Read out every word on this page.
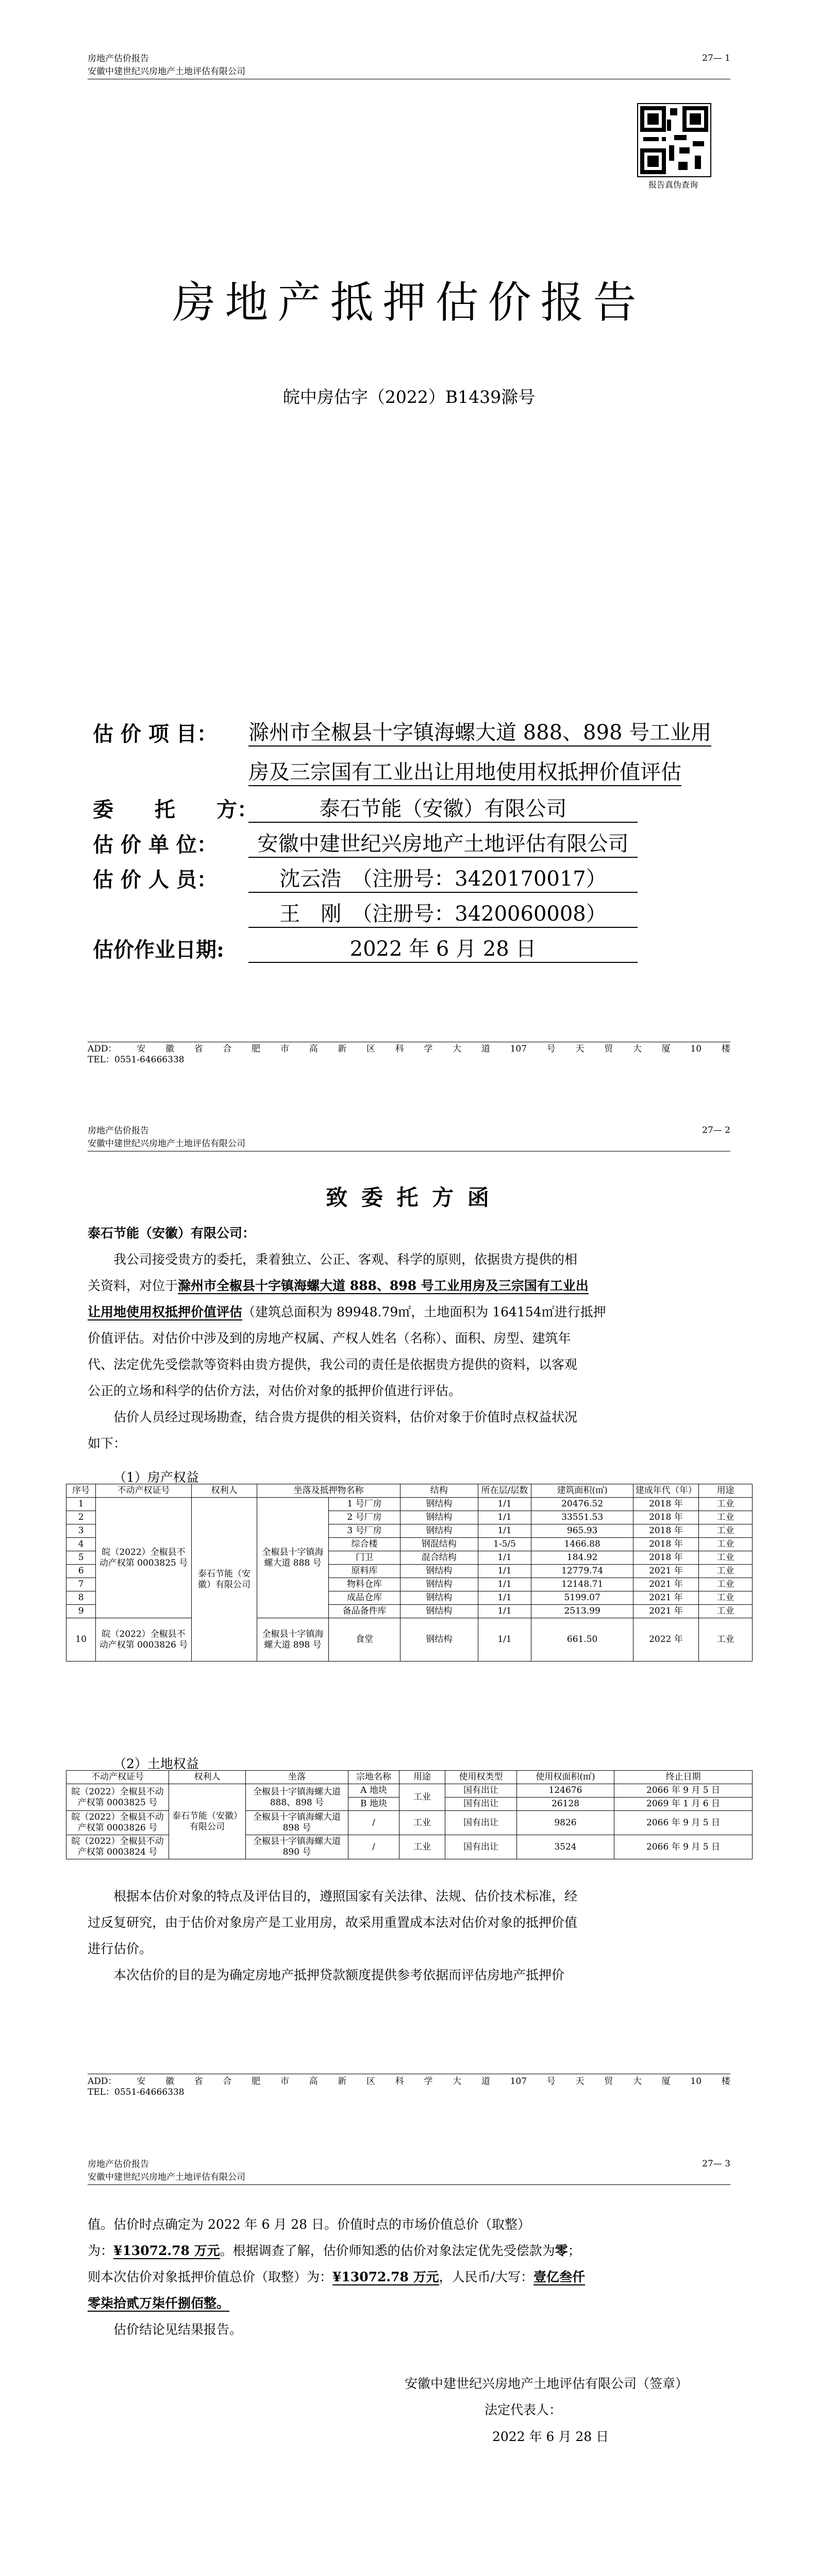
房地产估价报告	27— 1
安徽中建世纪兴房地产土地评估有限公司
报告真伪查询
房地产抵押估价报告
皖中房估字（2022）B1439滁号
估 价 项 目： 滁州市全椒县十字镇海螺大道 888、898 号工业用
房及三宗国有工业出让用地使用权抵押价值评估
委　　托　　方：	泰石节能（安徽）有限公司
估 价 单 位：	安徽中建世纪兴房地产土地评估有限公司
估 价 人 员：	沈云浩　（注册号：3420170017）
王　刚　（注册号：3420060008）
估价作业日期:	2022 年 6 月 28 日
ADD： 安 徽 省 合 肥 市 高 新 区 科 学 大 道 107 号 天 贸 大 厦 10 楼
TEL：0551-64666338
房地产估价报告	27— 2
安徽中建世纪兴房地产土地评估有限公司
致 委 托 方 函
泰石节能（安徽）有限公司：
我公司接受贵方的委托，秉着独立、公正、客观、科学的原则，依据贵方提供的相
关资料，对位于滁州市全椒县十字镇海螺大道 888、898 号工业用房及三宗国有工业出
让用地使用权抵押价值评估（建筑总面积为 89948.79㎡，土地面积为 164154㎡进行抵押
价值评估。对估价中涉及到的房地产权属、产权人姓名（名称）、面积、房型、建筑年
代、法定优先受偿款等资料由贵方提供，我公司的责任是依据贵方提供的资料，以客观
公正的立场和科学的估价方法，对估价对象的抵押价值进行评估。
估价人员经过现场勘查，结合贵方提供的相关资料，估价对象于价值时点权益状况
如下：
（1）房产权益
序号	不动产权证号	权利人	坐落及抵押物名称		结构	所在层/层数	建筑面积(㎡)	建成年代（年）	用途
1	皖（2022）全椒县不动产权第 0003825 号	泰石节能（安徽）有限公司	全椒县十字镇海螺大道 888 号	1 号厂房	钢结构	1/1	20476.52	2018 年	工业
2				2 号厂房	钢结构	1/1	33551.53	2018 年	工业
3				3 号厂房	钢结构	1/1	965.93	2018 年	工业
4				综合楼	钢混结构	1-5/5	1466.88	2018 年	工业
5				门卫	混合结构	1/1	184.92	2018 年	工业
6				原料库	钢结构	1/1	12779.74	2021 年	工业
7				物料仓库	钢结构	1/1	12148.71	2021 年	工业
8				成品仓库	钢结构	1/1	5199.07	2021 年	工业
9				备品备件库	钢结构	1/1	2513.99	2021 年	工业
10	皖（2022）全椒县不动产权第 0003826 号		全椒县十字镇海螺大道 898 号	食堂	钢结构	1/1	661.50	2022 年	工业
（2）土地权益
不动产权证号	权利人	坐落	宗地名称	用途	使用权类型	使用权面积(㎡)	终止日期
皖（2022）全椒县不动产权第 0003825 号	泰石节能（安徽）有限公司	全椒县十字镇海螺大道 888、898 号	A 地块	工业	国有出让	124676	2066 年 9 月 5 日
			B 地块		国有出让	26128	2069 年 1 月 6 日
皖（2022）全椒县不动产权第 0003826 号		全椒县十字镇海螺大道 898 号	/	工业	国有出让	9826	2066 年 9 月 5 日
皖（2022）全椒县不动产权第 0003824 号		全椒县十字镇海螺大道 890 号	/	工业	国有出让	3524	2066 年 9 月 5 日
根据本估价对象的特点及评估目的，遵照国家有关法律、法规、估价技术标准，经
过反复研究，由于估价对象房产是工业用房，故采用重置成本法对估价对象的抵押价值
进行估价。
本次估价的目的是为确定房地产抵押贷款额度提供参考依据而评估房地产抵押价
ADD： 安 徽 省 合 肥 市 高 新 区 科 学 大 道 107 号 天 贸 大 厦 10 楼
TEL：0551-64666338
房地产估价报告	27— 3
安徽中建世纪兴房地产土地评估有限公司
值。估价时点确定为 2022 年 6 月 28 日。价值时点的市场价值总价（取整）
为：¥13072.78 万元。根据调查了解，估价师知悉的估价对象法定优先受偿款为零；
则本次估价对象抵押价值总价（取整）为：¥13072.78 万元，人民币/大写：壹亿叁仟
零柒拾贰万柒仟捌佰整。
估价结论见结果报告。
安徽中建世纪兴房地产土地评估有限公司（签章）
法定代表人：
2022 年 6 月 28 日
